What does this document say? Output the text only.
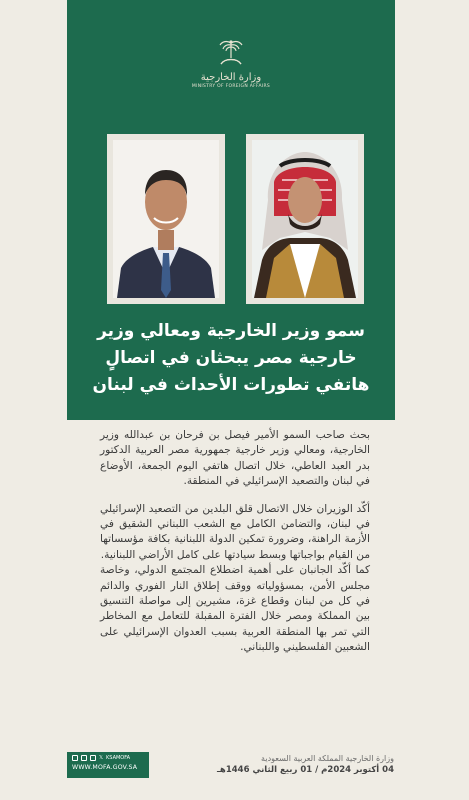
وزارة الخارجية
MINISTRY OF FOREIGN AFFAIRS
سمو وزير الخارجية ومعالي وزير
خارجية مصر يبحثان في اتصالٍ
هاتفي تطورات الأحداث في لبنان

بحث صاحب السمو الأمير فيصل بن فرحان بن عبدالله وزير الخارجية، ومعالي وزير خارجية جمهورية مصر العربية الدكتور بدر العبد العاطي، خلال اتصال هاتفي اليوم الجمعة، الأوضاع في لبنان والتصعيد الإسرائيلي في المنطقة.

أكّد الوزيران خلال الاتصال قلق البلدين من التصعيد الإسرائيلي في لبنان، والتضامن الكامل مع الشعب اللبناني الشقيق في الأزمة الراهنة، وضرورة تمكين الدولة اللبنانية بكافة مؤسساتها من القيام بواجباتها وبسط سيادتها على كامل الأراضي اللبنانية.

كما أكّد الجانبان على أهمية اضطلاع المجتمع الدولي، وخاصة مجلس الأمن، بمسؤولياته ووقف إطلاق النار الفوري والدائم في كل من لبنان وقطاع غزة، مشيرين إلى مواصلة التنسيق بين المملكة ومصر خلال الفترة المقبلة للتعامل مع المخاطر التي تمر بها المنطقة العربية بسبب العدوان الإسرائيلي على الشعبين الفلسطيني واللبناني.

𝕏 KSAMOFA
WWW.MOFA.GOV.SA
وزارة الخارجية المملكة العربية السعودية
04 أكتوبر 2024م / 01 ربيع الثاني 1446هـ
